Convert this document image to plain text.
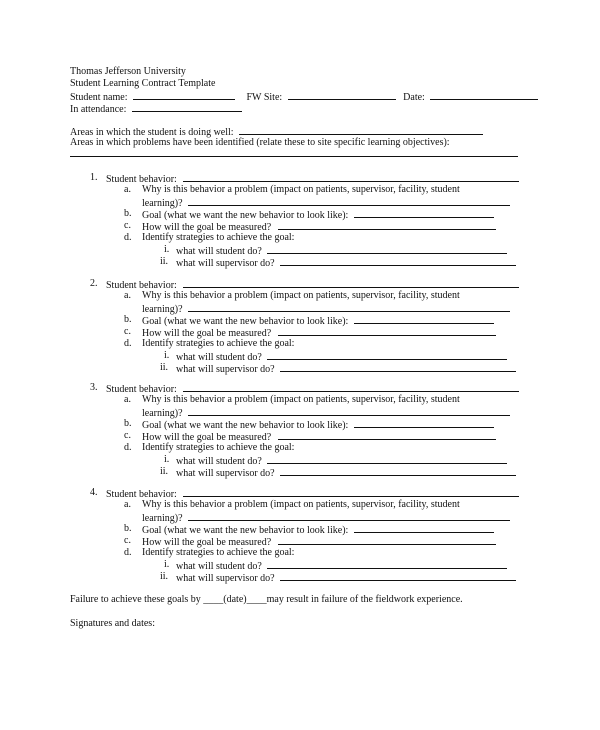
Thomas Jefferson University
Student Learning Contract Template
Student name:	FW Site:	Date:
In attendance:
Areas in which the student is doing well:
Areas in which problems have been identified (relate these to site specific learning objectives):
1. Student behavior:
a. Why is this behavior a problem (impact on patients, supervisor, facility, student
learning)?
b. Goal (what we want the new behavior to look like):
c. How will the goal be measured?
d. Identify strategies to achieve the goal:
i. what will student do?
ii. what will supervisor do?
2. Student behavior:
a. Why is this behavior a problem (impact on patients, supervisor, facility, student
learning)?
b. Goal (what we want the new behavior to look like):
c. How will the goal be measured?
d. Identify strategies to achieve the goal:
i. what will student do?
ii. what will supervisor do?
3. Student behavior:
a. Why is this behavior a problem (impact on patients, supervisor, facility, student
learning)?
b. Goal (what we want the new behavior to look like):
c. How will the goal be measured?
d. Identify strategies to achieve the goal:
i. what will student do?
ii. what will supervisor do?
4. Student behavior:
a. Why is this behavior a problem (impact on patients, supervisor, facility, student
learning)?
b. Goal (what we want the new behavior to look like):
c. How will the goal be measured?
d. Identify strategies to achieve the goal:
i. what will student do?
ii. what will supervisor do?
Failure to achieve these goals by ____(date)____may result in failure of the fieldwork experience.
Signatures and dates:
